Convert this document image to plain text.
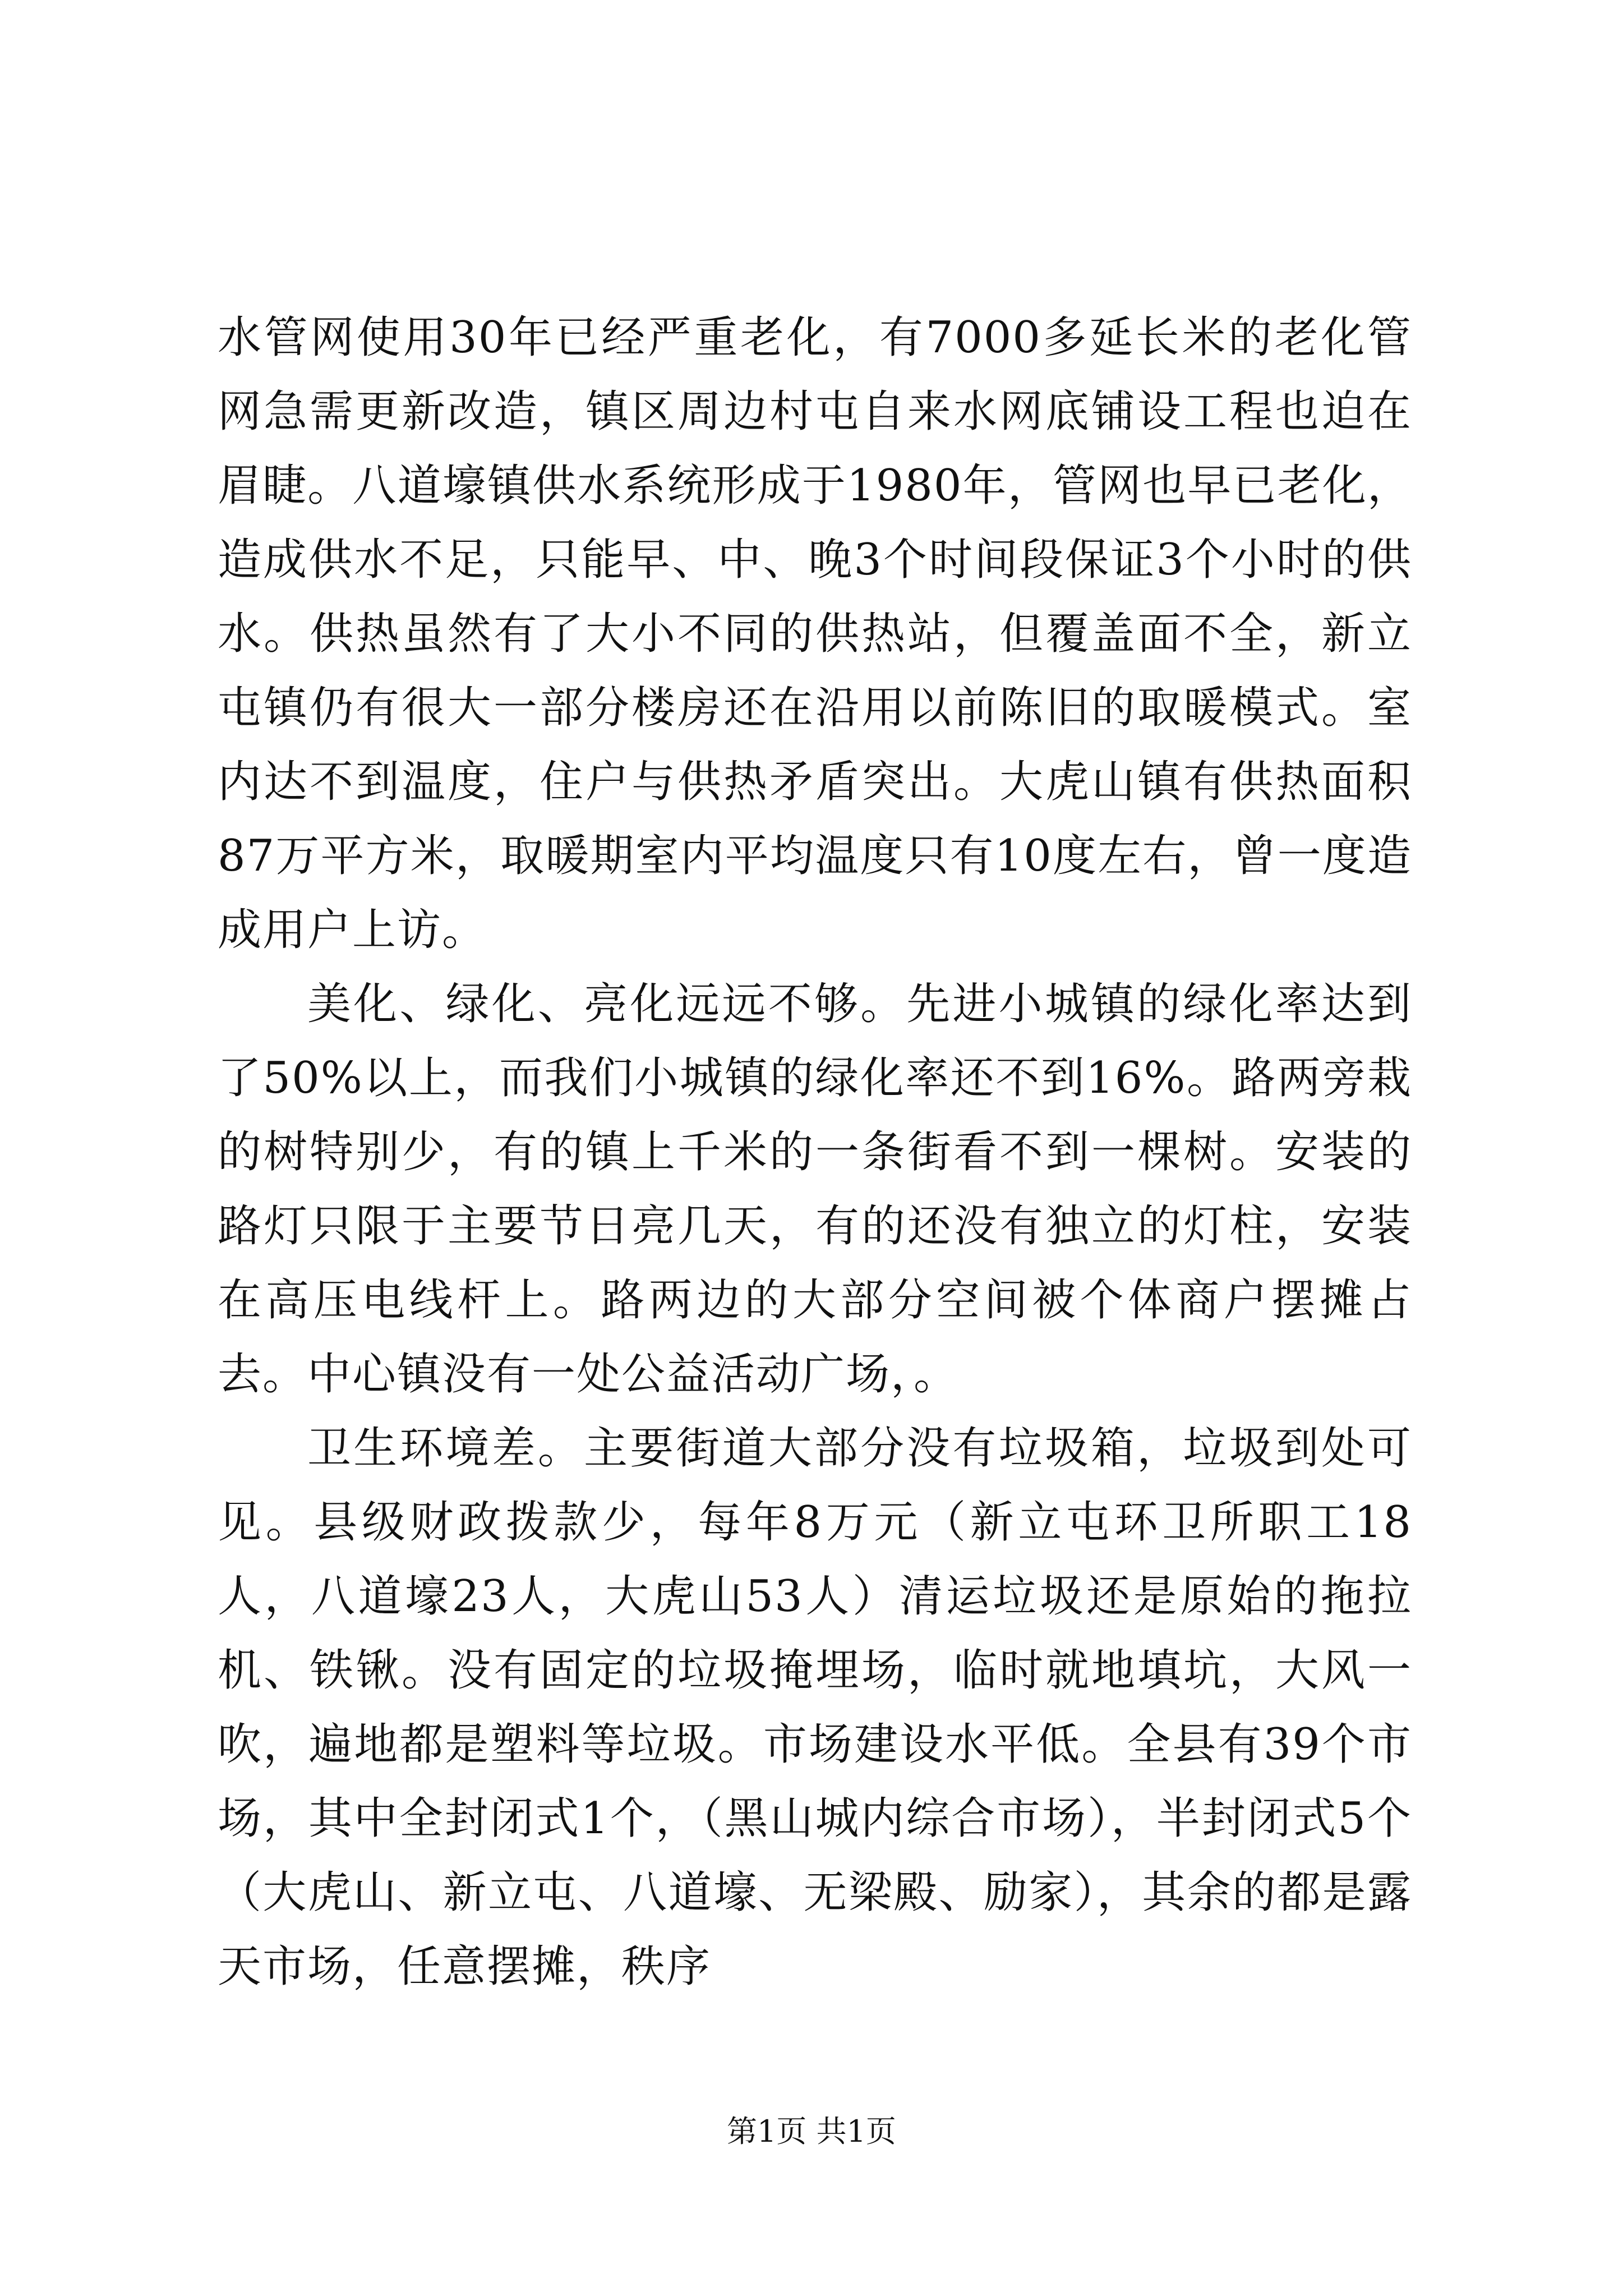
水管网使用30年已经严重老化，有7000多延长米的老化管网急需更新改造，镇区周边村屯自来水网底铺设工程也迫在眉睫。八道壕镇供水系统形成于1980年，管网也早已老化，造成供水不足，只能早、中、晚3个时间段保证3个小时的供水。供热虽然有了大小不同的供热站，但覆盖面不全，新立屯镇仍有很大一部分楼房还在沿用以前陈旧的取暖模式。室内达不到温度，住户与供热矛盾突出。大虎山镇有供热面积87万平方米，取暖期室内平均温度只有10度左右，曾一度造成用户上访。

美化、绿化、亮化远远不够。先进小城镇的绿化率达到了50%以上，而我们小城镇的绿化率还不到16%。路两旁栽的树特别少，有的镇上千米的一条街看不到一棵树。安装的路灯只限于主要节日亮几天，有的还没有独立的灯柱，安装在高压电线杆上。路两边的大部分空间被个体商户摆摊占去。中心镇没有一处公益活动广场，。

卫生环境差。主要街道大部分没有垃圾箱，垃圾到处可见。县级财政拨款少，每年8万元（新立屯环卫所职工18人，八道壕23人，大虎山53人）清运垃圾还是原始的拖拉机、铁锹。没有固定的垃圾掩埋场，临时就地填坑，大风一吹，遍地都是塑料等垃圾。市场建设水平低。全县有39个市场，其中全封闭式1个，（黑山城内综合市场），半封闭式5个（大虎山、新立屯、八道壕、无梁殿、励家），其余的都是露天市场，任意摆摊，秩序

第1页 共1页
